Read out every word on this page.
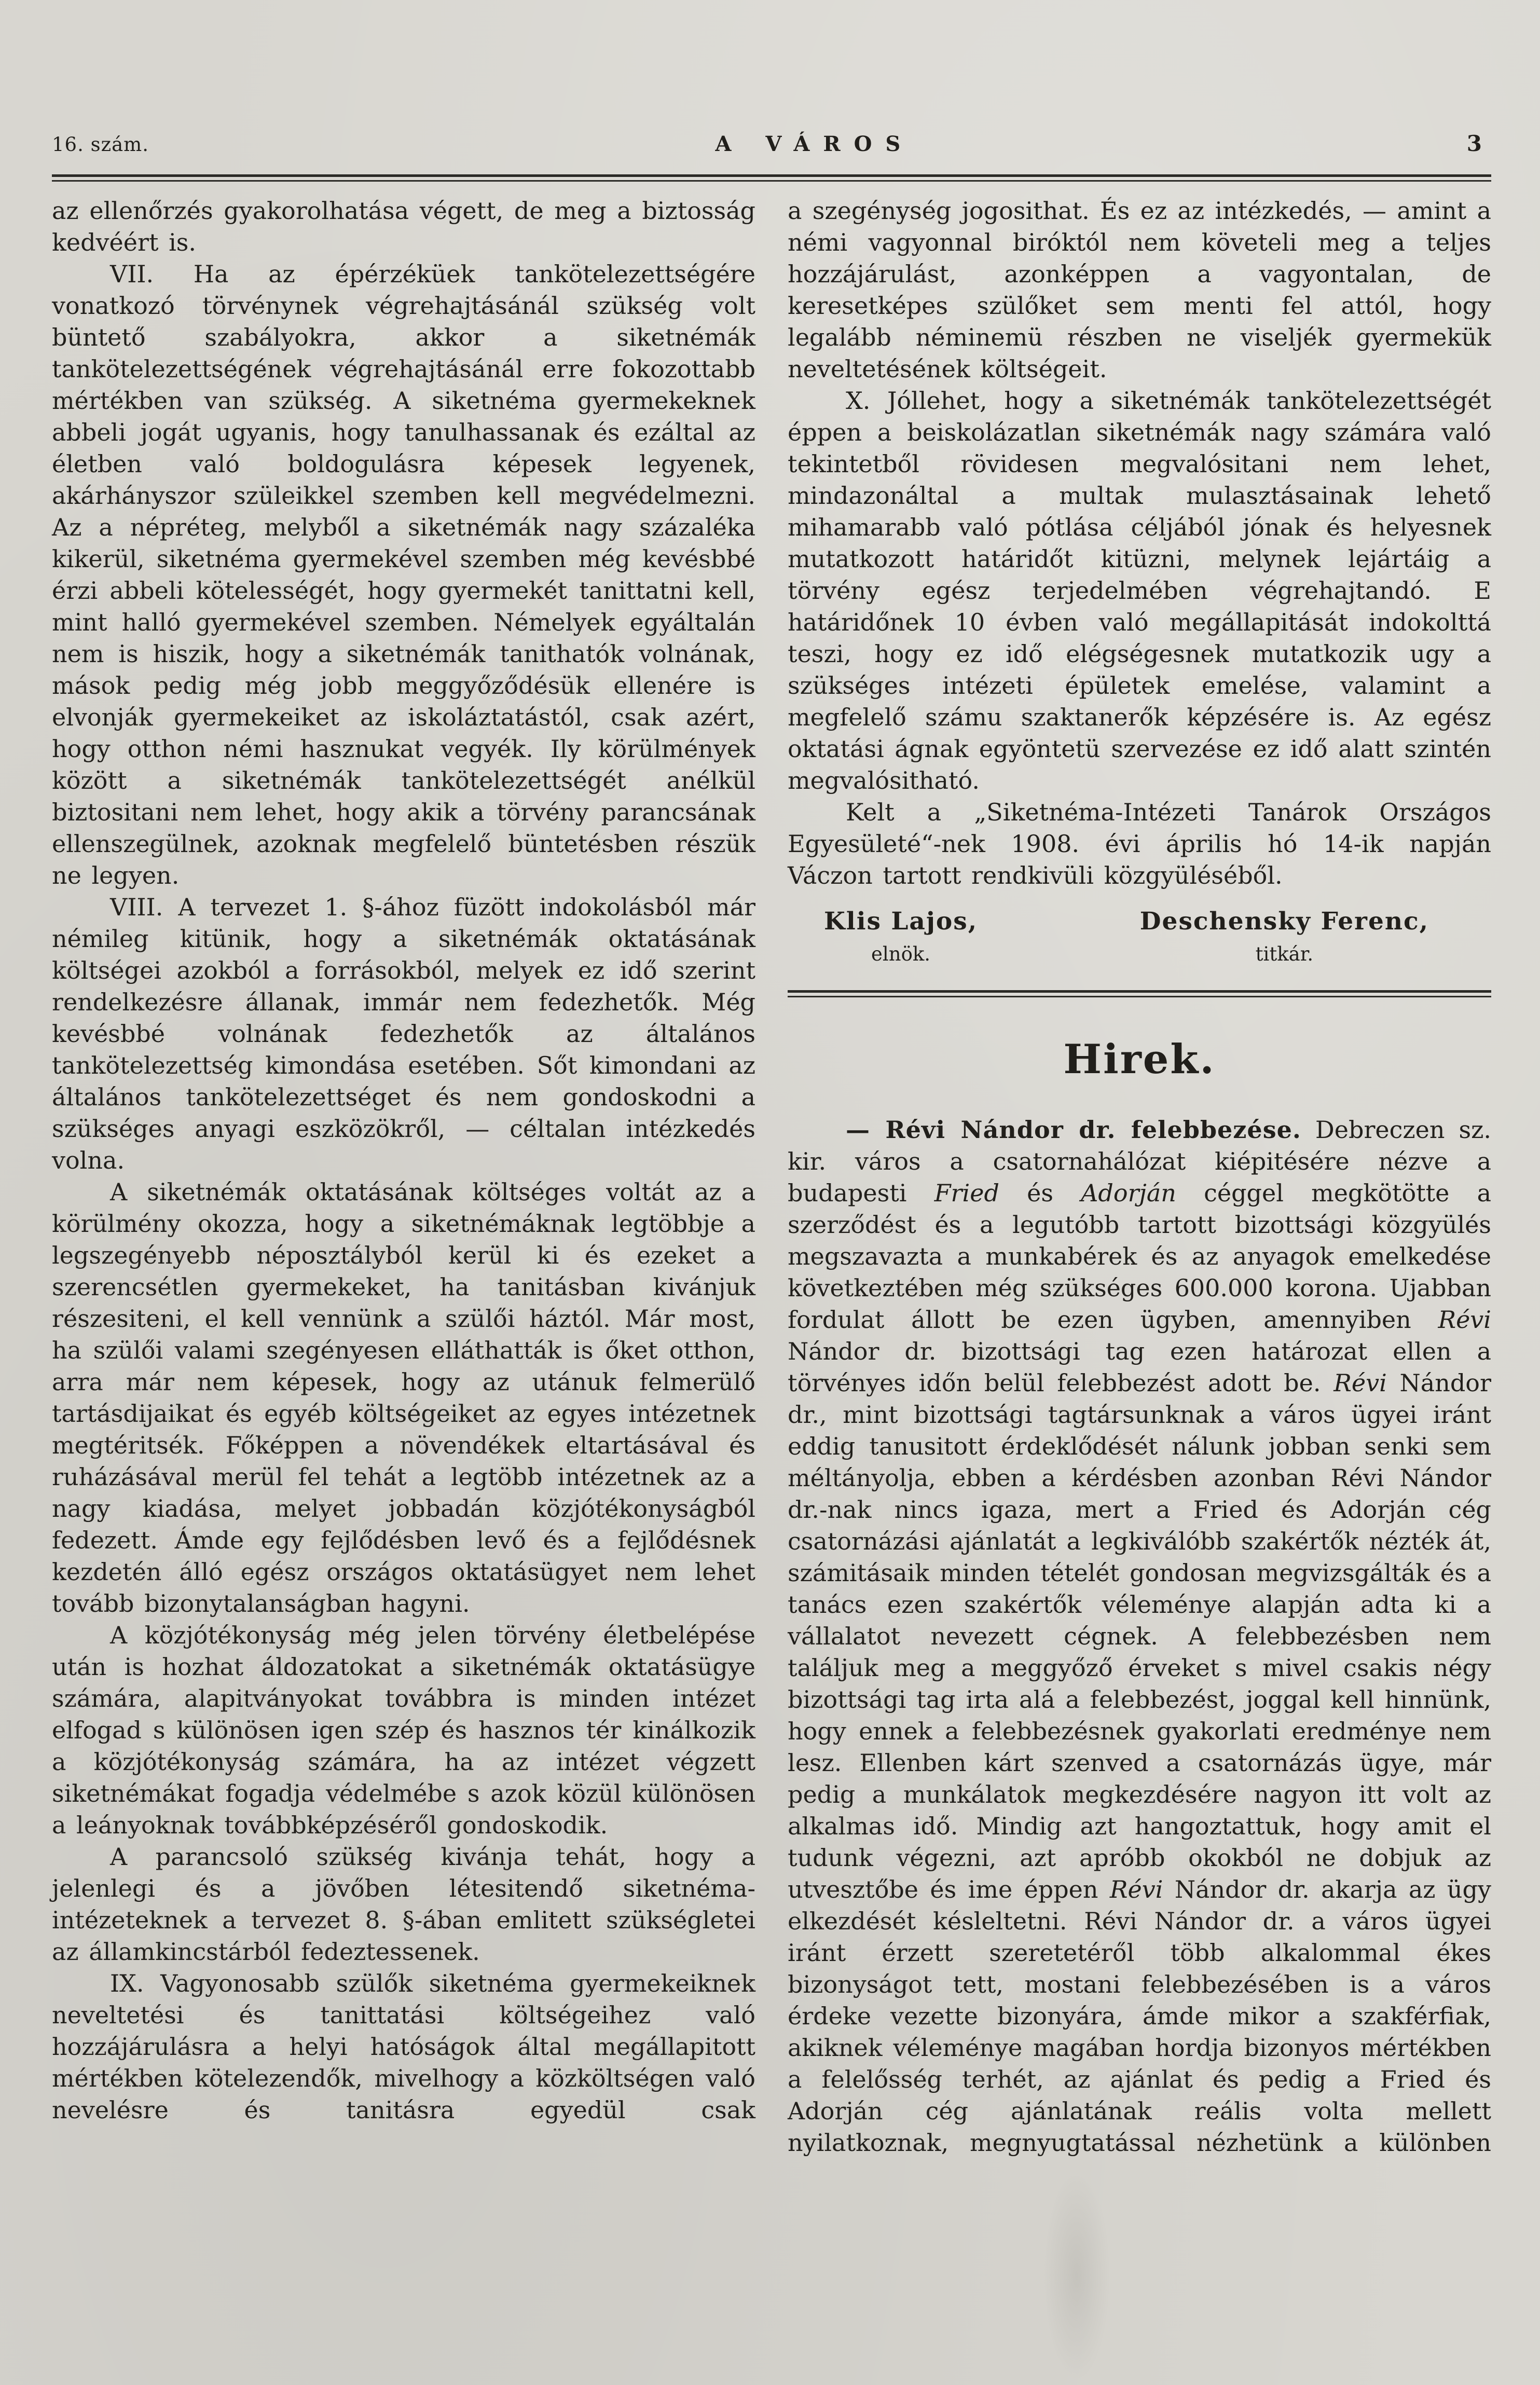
16. szám.	A VÁROS	3

az ellenőrzés gyakorolhatása végett, de meg a biztosság kedvéért is.

VII. Ha az épérzéküek tankötelezettségére vonatkozó törvénynek végrehajtásánál szükség volt büntető szabályokra, akkor a siketnémák tankötelezettségének végrehajtásánál erre fokozottabb mértékben van szükség. A siketnéma gyermekeknek abbeli jogát ugyanis, hogy tanulhassanak és ezáltal az életben való boldogulásra képesek legyenek, akárhányszor szüleikkel szemben kell megvédelmezni. Az a népréteg, melyből a siketnémák nagy százaléka kikerül, siketnéma gyermekével szemben még kevésbbé érzi abbeli kötelességét, hogy gyermekét tanittatni kell, mint halló gyermekével szemben. Némelyek egyáltalán nem is hiszik, hogy a siketnémák tanithatók volnának, mások pedig még jobb meggyőződésük ellenére is elvonják gyermekeiket az iskoláztatástól, csak azért, hogy otthon némi hasznukat vegyék. Ily körülmények között a siketnémák tankötelezettségét anélkül biztositani nem lehet, hogy akik a törvény parancsának ellenszegülnek, azoknak megfelelő büntetésben részük ne legyen.

VIII. A tervezet 1. §-ához füzött indokolásból már némileg kitünik, hogy a siketnémák oktatásának költségei azokból a forrásokból, melyek ez idő szerint rendelkezésre állanak, immár nem fedezhetők. Még kevésbbé volnának fedezhetők az általános tankötelezettség kimondása esetében. Sőt kimondani az általános tankötelezettséget és nem gondoskodni a szükséges anyagi eszközökről, — céltalan intézkedés volna.

A siketnémák oktatásának költséges voltát az a körülmény okozza, hogy a siketnémáknak legtöbbje a legszegényebb néposztályból kerül ki és ezeket a szerencsétlen gyermekeket, ha tanitásban kivánjuk részesiteni, el kell vennünk a szülői háztól. Már most, ha szülői valami szegényesen elláthatták is őket otthon, arra már nem képesek, hogy az utánuk felmerülő tartásdijaikat és egyéb költségeiket az egyes intézetnek megtéritsék. Főképpen a növendékek eltartásával és ruházásával merül fel tehát a legtöbb intézetnek az a nagy kiadása, melyet jobbadán közjótékonyságból fedezett. Ámde egy fejlődésben levő és a fejlődésnek kezdetén álló egész országos oktatásügyet nem lehet tovább bizonytalanságban hagyni.

A közjótékonyság még jelen törvény életbelépése után is hozhat áldozatokat a siketnémák oktatásügye számára, alapitványokat továbbra is minden intézet elfogad s különösen igen szép és hasznos tér kinálkozik a közjótékonyság számára, ha az intézet végzett siketnémákat fogadja védelmébe s azok közül különösen a leányoknak továbbképzéséről gondoskodik.

A parancsoló szükség kivánja tehát, hogy a jelenlegi és a jövőben létesitendő siketnéma-intézeteknek a tervezet 8. §-ában emlitett szükségletei az államkincstárból fedeztessenek.

IX. Vagyonosabb szülők siketnéma gyermekeiknek neveltetési és tanittatási költségeihez való hozzájárulásra a helyi hatóságok által megállapitott mértékben kötelezendők, mivelhogy a közköltségen való nevelésre és tanitásra egyedül csak

a szegénység jogosithat. És ez az intézkedés, — amint a némi vagyonnal biróktól nem követeli meg a teljes hozzájárulást, azonképpen a vagyontalan, de keresetképes szülőket sem menti fel attól, hogy legalább néminemü részben ne viseljék gyermekük neveltetésének költségeit.

X. Jóllehet, hogy a siketnémák tankötelezettségét éppen a beiskolázatlan siketnémák nagy számára való tekintetből rövidesen megvalósitani nem lehet, mindazonáltal a multak mulasztásainak lehető mihamarabb való pótlása céljából jónak és helyesnek mutatkozott határidőt kitüzni, melynek lejártáig a törvény egész terjedelmében végrehajtandó. E határidőnek 10 évben való megállapitását indokolttá teszi, hogy ez idő elégségesnek mutatkozik ugy a szükséges intézeti épületek emelése, valamint a megfelelő számu szaktanerők képzésére is. Az egész oktatási ágnak egyöntetü szervezése ez idő alatt szintén megvalósitható.

Kelt a „Siketnéma-Intézeti Tanárok Országos Egyesületé“-nek 1908. évi április hó 14-ik napján Váczon tartott rendkivüli közgyüléséből.

Klis Lajos,
elnök.
Deschensky Ferenc,
titkár.
Hirek.

— Révi Nándor dr. felebbezése. Debreczen sz. kir. város a csatornahálózat kiépitésére nézve a budapesti Fried és Adorján céggel megkötötte a szerződést és a legutóbb tartott bizottsági közgyülés megszavazta a munkabérek és az anyagok emelkedése következtében még szükséges 600.000 korona. Ujabban fordulat állott be ezen ügyben, amennyiben Révi Nándor dr. bizottsági tag ezen határozat ellen a törvényes időn belül felebbezést adott be. Révi Nándor dr., mint bizottsági tagtársunknak a város ügyei iránt eddig tanusitott érdeklődését nálunk jobban senki sem méltányolja, ebben a kérdésben azonban Révi Nándor dr.-nak nincs igaza, mert a Fried és Adorján cég csatornázási ajánlatát a legkiválóbb szakértők nézték át, számitásaik minden tételét gondosan megvizsgálták és a tanács ezen szakértők véleménye alapján adta ki a vállalatot nevezett cégnek. A felebbezésben nem találjuk meg a meggyőző érveket s mivel csakis négy bizottsági tag irta alá a felebbezést, joggal kell hinnünk, hogy ennek a felebbezésnek gyakorlati eredménye nem lesz. Ellenben kárt szenved a csatornázás ügye, már pedig a munkálatok megkezdésére nagyon itt volt az alkalmas idő. Mindig azt hangoztattuk, hogy amit el tudunk végezni, azt apróbb okokból ne dobjuk az utvesztőbe és ime éppen Révi Nándor dr. akarja az ügy elkezdését késleltetni. Révi Nándor dr. a város ügyei iránt érzett szeretetéről több alkalommal ékes bizonyságot tett, mostani felebbezésében is a város érdeke vezette bizonyára, ámde mikor a szakférfiak, akiknek véleménye magában hordja bizonyos mértékben a felelősség terhét, az ajánlat és pedig a Fried és Adorján cég ajánlatának reális volta mellett nyilatkoznak, megnyugtatással nézhetünk a különben
